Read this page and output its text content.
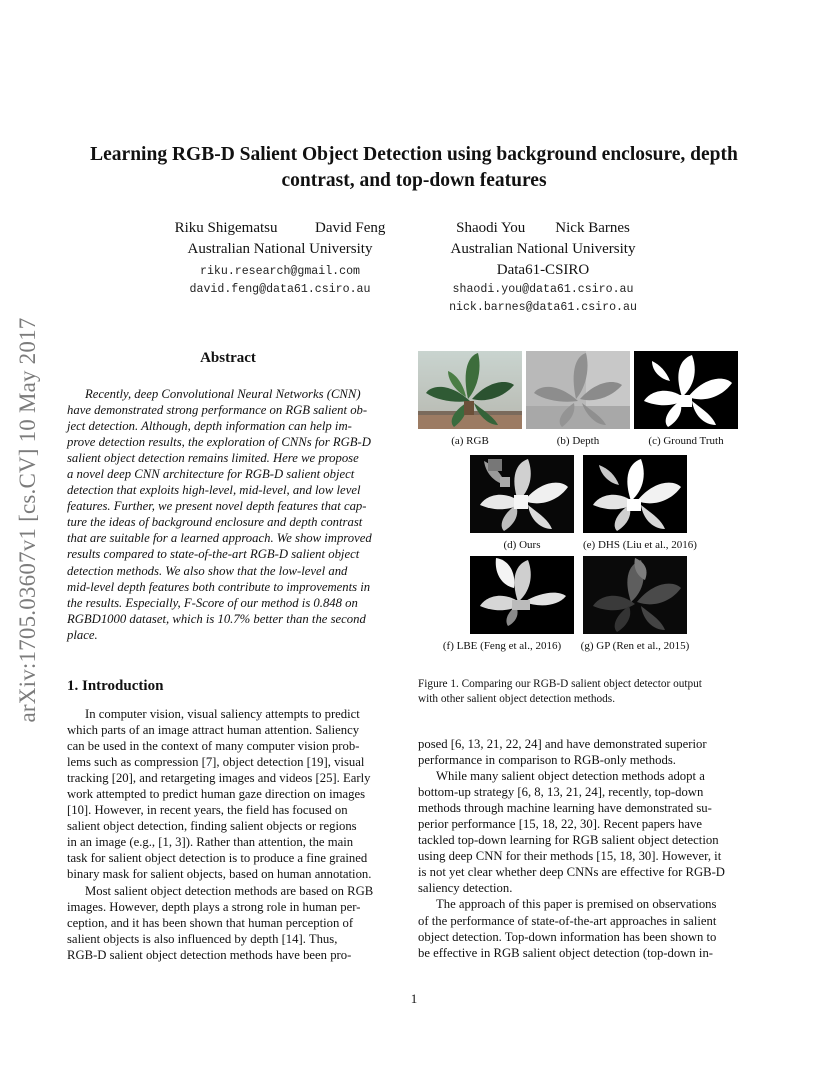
Learning RGB-D Salient Object Detection using background enclosure, depth
contrast, and top-down features
Riku Shigematsu          David Feng
Australian National University
riku.research@gmail.com
david.feng@data61.csiro.au
Shaodi You        Nick Barnes
Australian National University
Data61-CSIRO
shaodi.you@data61.csiro.au
nick.barnes@data61.csiro.au
arXiv:1705.03607v1 [cs.CV] 10 May 2017	Abstract
Recently, deep Convolutional Neural Networks (CNN)
have demonstrated strong performance on RGB salient ob-
ject detection. Although, depth information can help im-
prove detection results, the exploration of CNNs for RGB-D
salient object detection remains limited. Here we propose
a novel deep CNN architecture for RGB-D salient object
detection that exploits high-level, mid-level, and low level
features. Further, we present novel depth features that cap-
ture the ideas of background enclosure and depth contrast
that are suitable for a learned approach. We show improved
results compared to state-of-the-art RGB-D salient object
detection methods. We also show that the low-level and
mid-level depth features both contribute to improvements in
the results. Especially, F-Score of our method is 0.848 on
RGBD1000 dataset, which is 10.7% better than the second
place.
1. Introduction
In computer vision, visual saliency attempts to predict
which parts of an image attract human attention. Saliency
can be used in the context of many computer vision prob-
lems such as compression [7], object detection [19], visual
tracking [20], and retargeting images and videos [25]. Early
work attempted to predict human gaze direction on images
[10]. However, in recent years, the field has focused on
salient object detection, finding salient objects or regions
in an image (e.g., [1, 3]). Rather than attention, the main
task for salient object detection is to produce a fine grained
binary mask for salient objects, based on human annotation.
Most salient object detection methods are based on RGB
images. However, depth plays a strong role in human per-
ception, and it has been shown that human perception of
salient objects is also influenced by depth [14]. Thus,
RGB-D salient object detection methods have been pro-
posed [6, 13, 21, 22, 24] and have demonstrated superior
performance in comparison to RGB-only methods.
While many salient object detection methods adopt a
bottom-up strategy [6, 8, 13, 21, 24], recently, top-down
methods through machine learning have demonstrated su-
perior performance [15, 18, 22, 30]. Recent papers have
tackled top-down learning for RGB salient object detection
using deep CNN for their methods [15, 18, 30]. However, it
is not yet clear whether deep CNNs are effective for RGB-D
saliency detection.
The approach of this paper is premised on observations
of the performance of state-of-the-art approaches in salient
object detection. Top-down information has been shown to
be effective in RGB salient object detection (top-down in-
(a) RGB	(b) Depth	(c) Ground Truth
(d) Ours	(e) DHS (Liu et al., 2016)
(f) LBE (Feng et al., 2016)	(g) GP (Ren et al., 2015)
Figure 1. Comparing our RGB-D salient object detector output
with other salient object detection methods.
1
